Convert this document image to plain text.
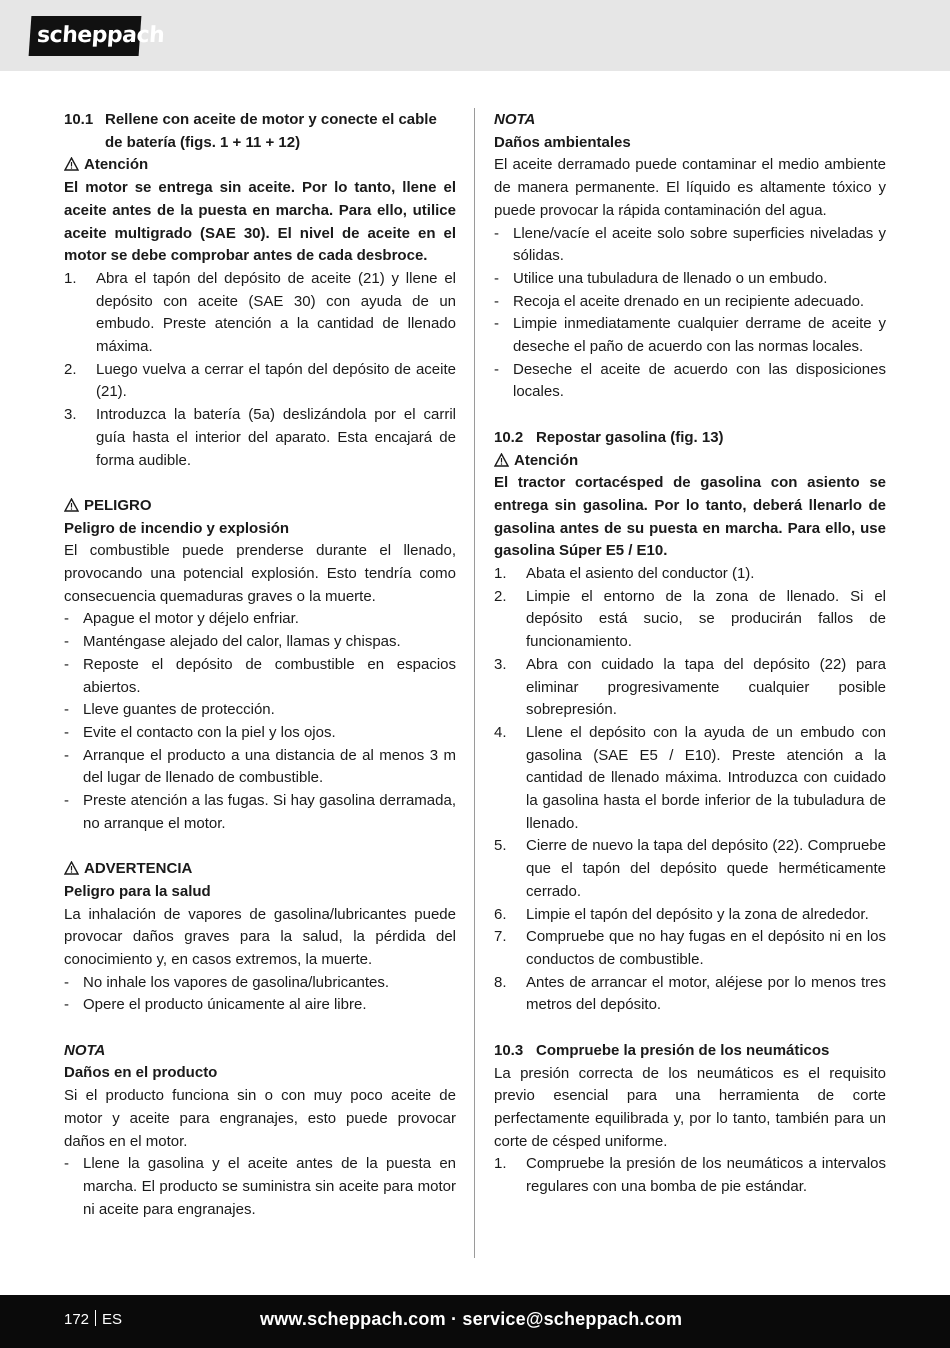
scheppach
10.1 Rellene con aceite de motor y conecte el cable de batería (figs. 1 + 11 + 12)

Atención

El motor se entrega sin aceite. Por lo tanto, llene el aceite antes de la puesta en marcha. Para ello, utilice aceite multigrado (SAE 30). El nivel de aceite en el motor se debe comprobar antes de cada desbroce.

1.	Abra el tapón del depósito de aceite (21) y llene el depósito con aceite (SAE 30) con ayuda de un embudo. Preste atención a la cantidad de llenado máxima.
2.	Luego vuelva a cerrar el tapón del depósito de aceite (21).
3.	Introduzca la batería (5a) deslizándola por el carril guía hasta el interior del aparato. Esta encajará de forma audible.

PELIGRO

Peligro de incendio y explosión

El combustible puede prenderse durante el llenado, provocando una potencial explosión. Esto tendría como consecuencia quemaduras graves o la muerte.

- Apague el motor y déjelo enfriar.
- Manténgase alejado del calor, llamas y chispas.
- Reposte el depósito de combustible en espacios abiertos.
- Lleve guantes de protección.
- Evite el contacto con la piel y los ojos.
- Arranque el producto a una distancia de al menos 3 m del lugar de llenado de combustible.
- Preste atención a las fugas. Si hay gasolina derramada, no arranque el motor.

ADVERTENCIA

Peligro para la salud

La inhalación de vapores de gasolina/lubricantes puede provocar daños graves para la salud, la pérdida del conocimiento y, en casos extremos, la muerte.

- No inhale los vapores de gasolina/lubricantes.
- Opere el producto únicamente al aire libre.

NOTA

Daños en el producto

Si el producto funciona sin o con muy poco aceite de motor y aceite para engranajes, esto puede provocar daños en el motor.

- Llene la gasolina y el aceite antes de la puesta en marcha. El producto se suministra sin aceite para motor ni aceite para engranajes.

NOTA

Daños ambientales

El aceite derramado puede contaminar el medio ambiente de manera permanente. El líquido es altamente tóxico y puede provocar la rápida contaminación del agua.

- Llene/vacíe el aceite solo sobre superficies niveladas y sólidas.
- Utilice una tubuladura de llenado o un embudo.
- Recoja el aceite drenado en un recipiente adecuado.
- Limpie inmediatamente cualquier derrame de aceite y deseche el paño de acuerdo con las normas locales.
- Deseche el aceite de acuerdo con las disposiciones locales.

10.2 Repostar gasolina (fig. 13)

Atención

El tractor cortacésped de gasolina con asiento se entrega sin gasolina. Por lo tanto, deberá llenarlo de gasolina antes de su puesta en marcha. Para ello, use gasolina Súper E5 / E10.

1.	Abata el asiento del conductor (1).
2.	Limpie el entorno de la zona de llenado. Si el depósito está sucio, se producirán fallos de funcionamiento.
3.	Abra con cuidado la tapa del depósito (22) para eliminar progresivamente cualquier posible sobrepresión.
4.	Llene el depósito con la ayuda de un embudo con gasolina (SAE E5 / E10). Preste atención a la cantidad de llenado máxima. Introduzca con cuidado la gasolina hasta el borde inferior de la tubuladura de llenado.
5.	Cierre de nuevo la tapa del depósito (22). Compruebe que el tapón del depósito quede herméticamente cerrado.
6.	Limpie el tapón del depósito y la zona de alrededor.
7.	Compruebe que no hay fugas en el depósito ni en los conductos de combustible.
8.	Antes de arrancar el motor, aléjese por lo menos tres metros del depósito.

10.3 Compruebe la presión de los neumáticos

La presión correcta de los neumáticos es el requisito previo esencial para una herramienta de corte perfectamente equilibrada y, por lo tanto, también para un corte de césped uniforme.

1.	Compruebe la presión de los neumáticos a intervalos regulares con una bomba de pie estándar.
172 ES	www.scheppach.com · service@scheppach.com
